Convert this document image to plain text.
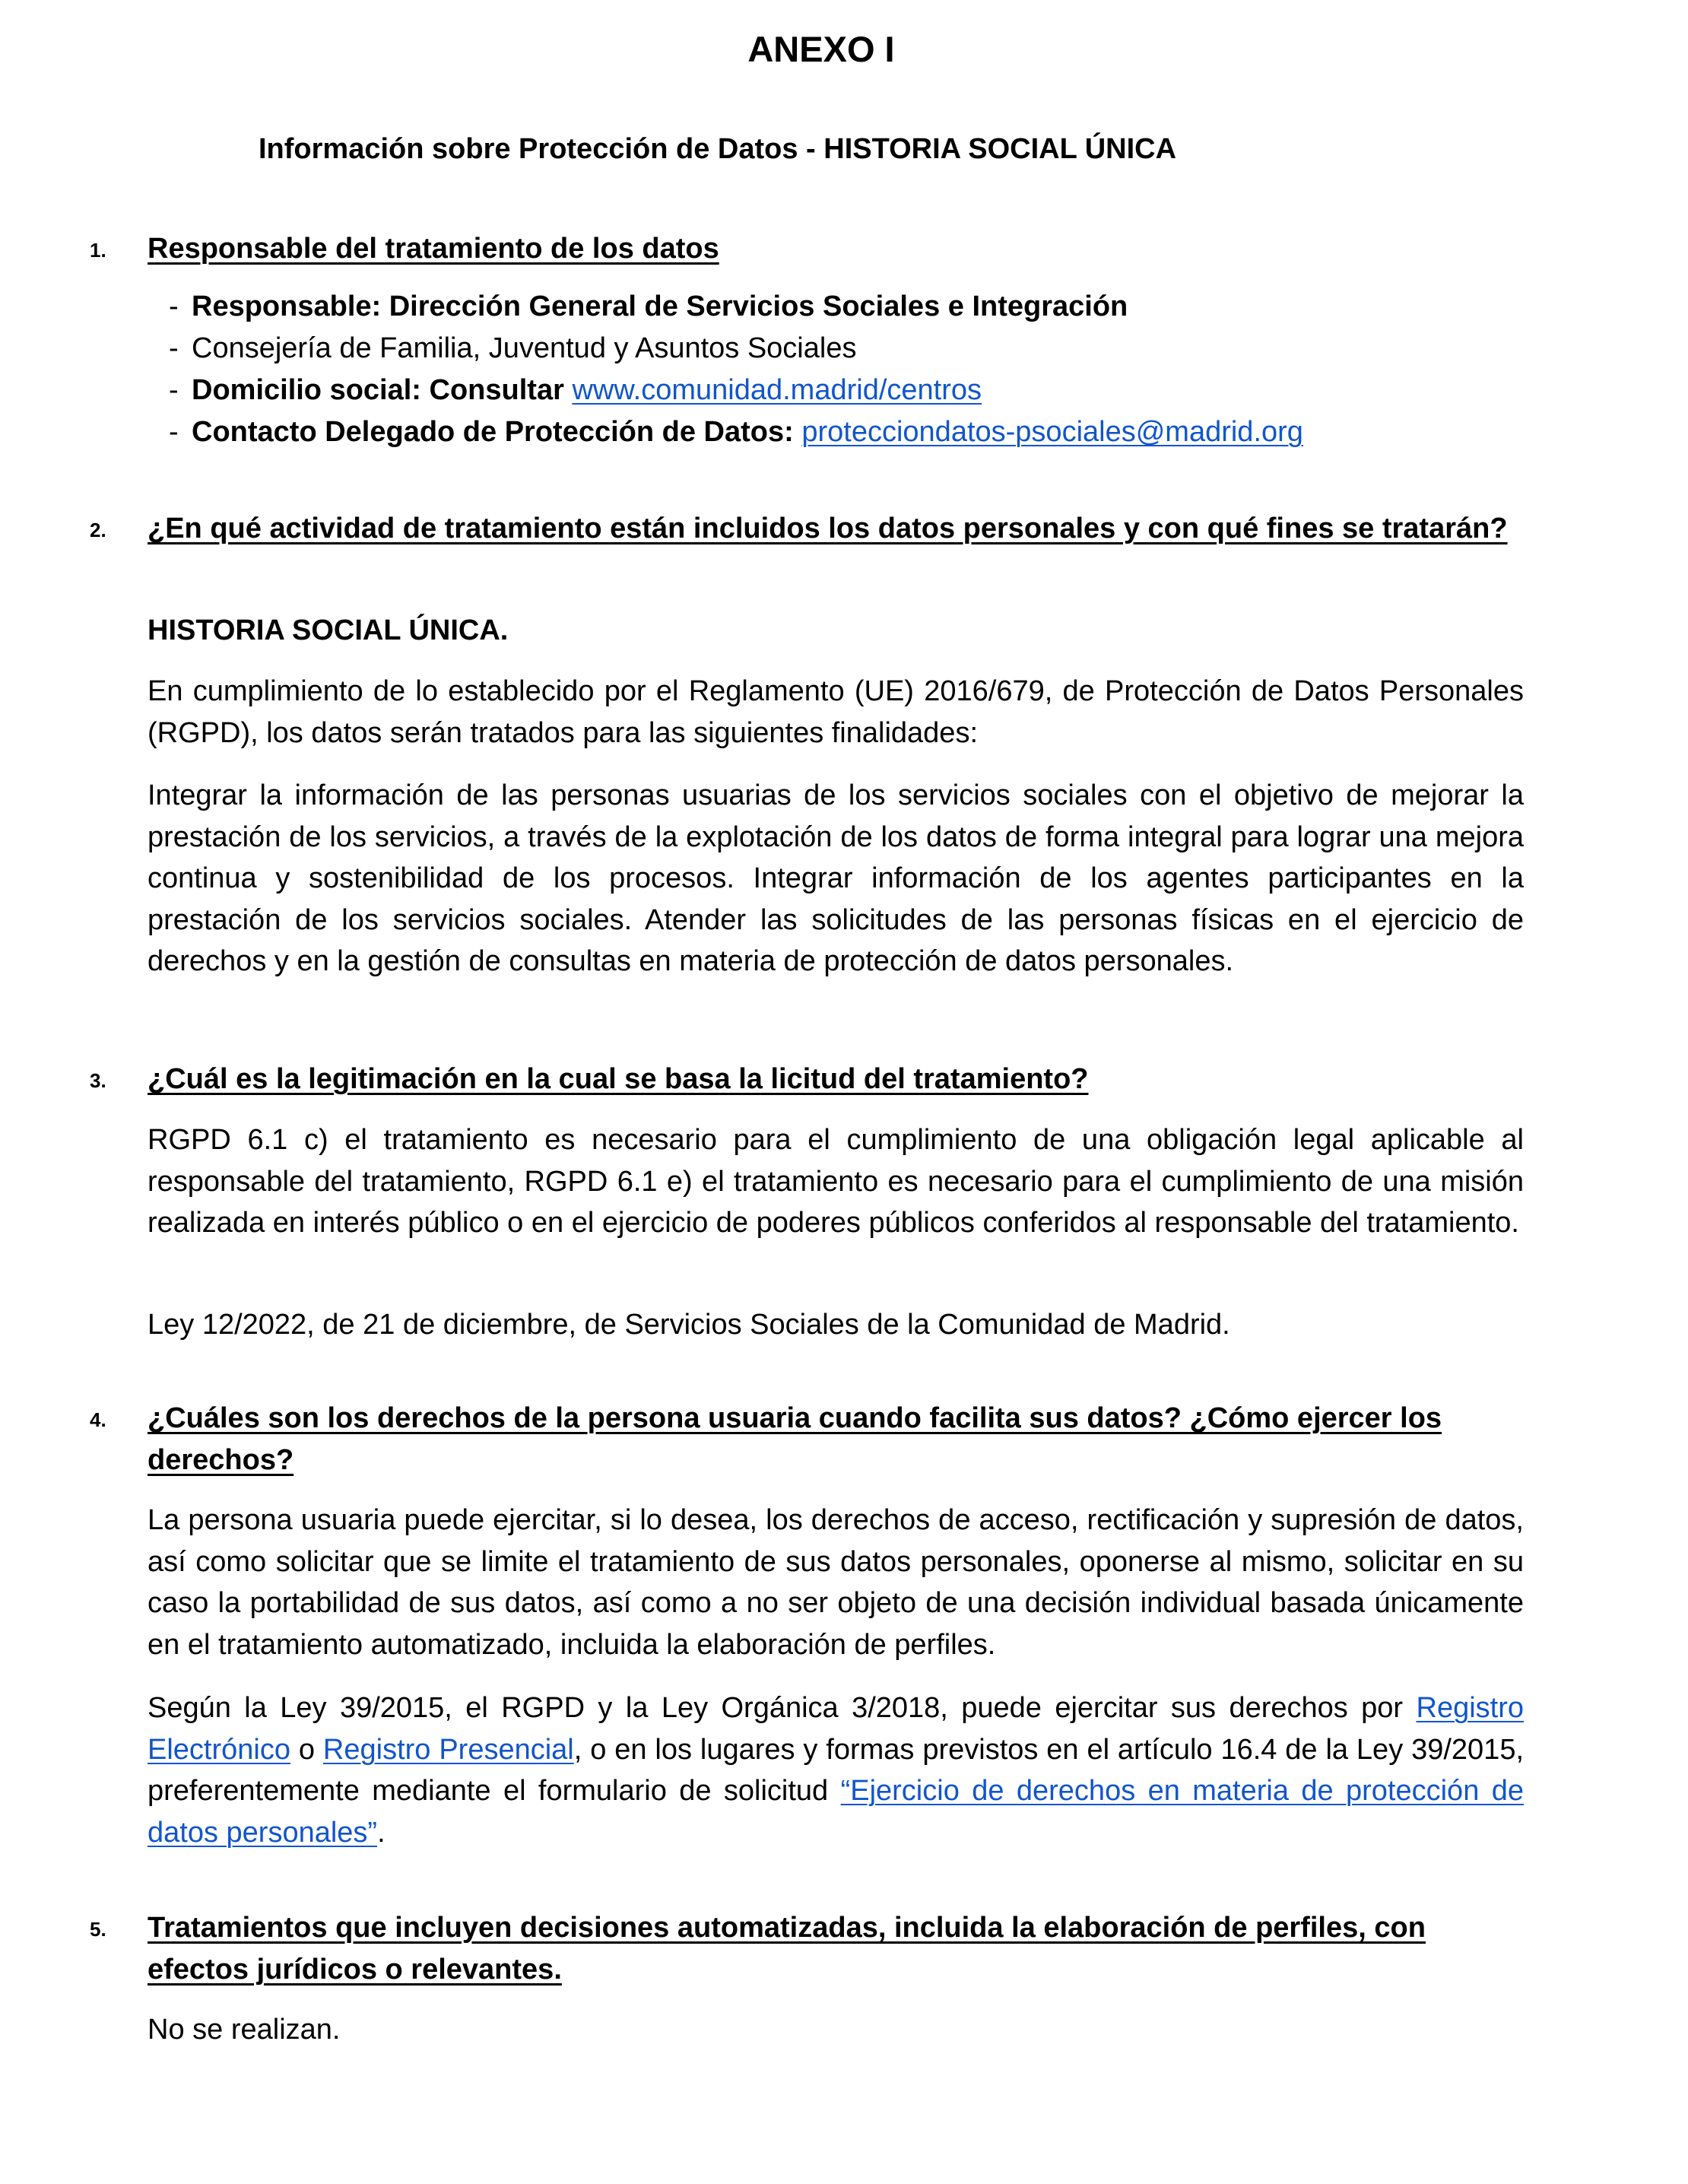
ANEXO I
Información sobre Protección de Datos - HISTORIA SOCIAL ÚNICA
1. Responsable del tratamiento de los datos
- Responsable: Dirección General de Servicios Sociales e Integración
- Consejería de Familia, Juventud y Asuntos Sociales
- Domicilio social: Consultar www.comunidad.madrid/centros
- Contacto Delegado de Protección de Datos: protecciondatos-psociales@madrid.org
2. ¿En qué actividad de tratamiento están incluidos los datos personales y con qué fines se tratarán?
HISTORIA SOCIAL ÚNICA.

En cumplimiento de lo establecido por el Reglamento (UE) 2016/679, de Protección de Datos Personales (RGPD), los datos serán tratados para las siguientes finalidades:

Integrar la información de las personas usuarias de los servicios sociales con el objetivo de mejorar la prestación de los servicios, a través de la explotación de los datos de forma integral para lograr una mejora continua y sostenibilidad de los procesos. Integrar información de los agentes participantes en la prestación de los servicios sociales. Atender las solicitudes de las personas físicas en el ejercicio de derechos y en la gestión de consultas en materia de protección de datos personales.

3. ¿Cuál es la legitimación en la cual se basa la licitud del tratamiento?

RGPD 6.1 c) el tratamiento es necesario para el cumplimiento de una obligación legal aplicable al responsable del tratamiento, RGPD 6.1 e) el tratamiento es necesario para el cumplimiento de una misión realizada en interés público o en el ejercicio de poderes públicos conferidos al responsable del tratamiento.

Ley 12/2022, de 21 de diciembre, de Servicios Sociales de la Comunidad de Madrid.

4. ¿Cuáles son los derechos de la persona usuaria cuando facilita sus datos? ¿Cómo ejercer los derechos?

La persona usuaria puede ejercitar, si lo desea, los derechos de acceso, rectificación y supresión de datos, así como solicitar que se limite el tratamiento de sus datos personales, oponerse al mismo, solicitar en su caso la portabilidad de sus datos, así como a no ser objeto de una decisión individual basada únicamente en el tratamiento automatizado, incluida la elaboración de perfiles.

Según la Ley 39/2015, el RGPD y la Ley Orgánica 3/2018, puede ejercitar sus derechos por Registro Electrónico o Registro Presencial, o en los lugares y formas previstos en el artículo 16.4 de la Ley 39/2015, preferentemente mediante el formulario de solicitud “Ejercicio de derechos en materia de protección de datos personales”.

5. Tratamientos que incluyen decisiones automatizadas, incluida la elaboración de perfiles, con efectos jurídicos o relevantes.

No se realizan.
